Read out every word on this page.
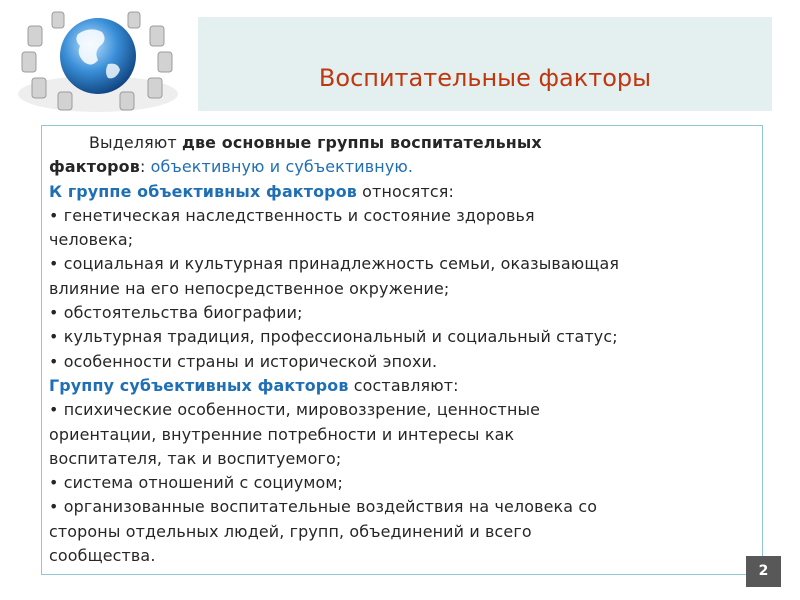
Воспитательные факторы
Выделяют две основные группы воспитательных
факторов: объективную и субъективную.
К группе объективных факторов относятся:
• генетическая наследственность и состояние здоровья
человека;
• социальная и культурная принадлежность семьи, оказывающая
влияние на его непосредственное окружение;
• обстоятельства биографии;
• культурная традиция, профессиональный и социальный статус;
• особенности страны и исторической эпохи.
Группу субъективных факторов составляют:
• психические особенности, мировоззрение, ценностные
ориентации, внутренние потребности и интересы как
воспитателя, так и воспитуемого;
• система отношений с социумом;
• организованные воспитательные воздействия на человека со
стороны отдельных людей, групп, объединений и всего
сообщества.
2
